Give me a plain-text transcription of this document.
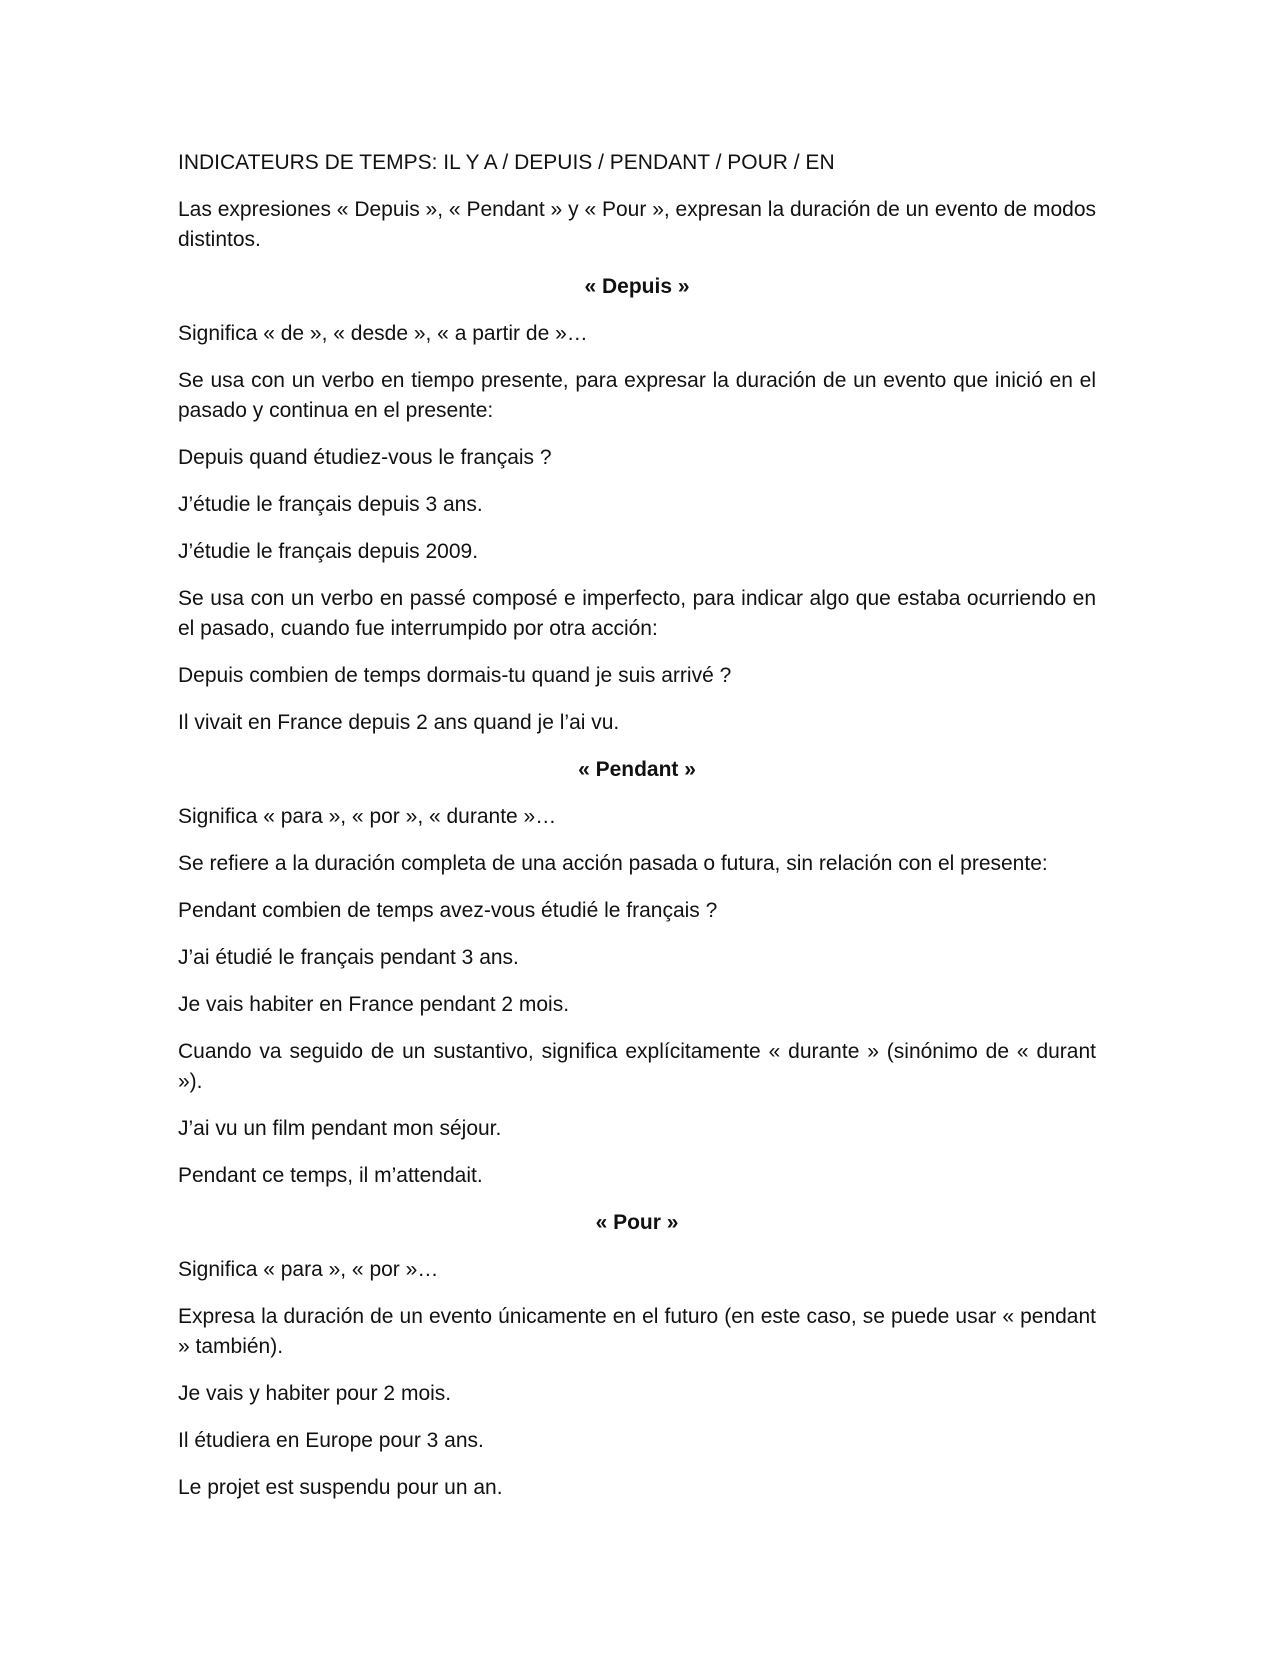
INDICATEURS DE TEMPS: IL Y A / DEPUIS / PENDANT / POUR / EN

Las expresiones « Depuis », « Pendant » y « Pour », expresan la duración de un evento de modos distintos.

« Depuis »

Significa « de », « desde », « a partir de »…

Se usa con un verbo en tiempo presente, para expresar la duración de un evento que inició en el pasado y continua en el presente:

Depuis quand étudiez-vous le français ?

J’étudie le français depuis 3 ans.

J’étudie le français depuis 2009.

Se usa con un verbo en passé composé e imperfecto, para indicar algo que estaba ocurriendo en el pasado, cuando fue interrumpido por otra acción:

Depuis combien de temps dormais-tu quand je suis arrivé ?

Il vivait en France depuis 2 ans quand je l’ai vu.

« Pendant »

Significa « para », « por », « durante »…

Se refiere a la duración completa de una acción pasada o futura, sin relación con el presente:

Pendant combien de temps avez-vous étudié le français ?

J’ai étudié le français pendant 3 ans.

Je vais habiter en France pendant 2 mois.

Cuando va seguido de un sustantivo, significa explícitamente « durante » (sinónimo de « durant »).

J’ai vu un film pendant mon séjour.

Pendant ce temps, il m’attendait.

« Pour »

Significa « para », « por »…

Expresa la duración de un evento únicamente en el futuro (en este caso, se puede usar « pendant » también).

Je vais y habiter pour 2 mois.

Il étudiera en Europe pour 3 ans.

Le projet est suspendu pour un an.
